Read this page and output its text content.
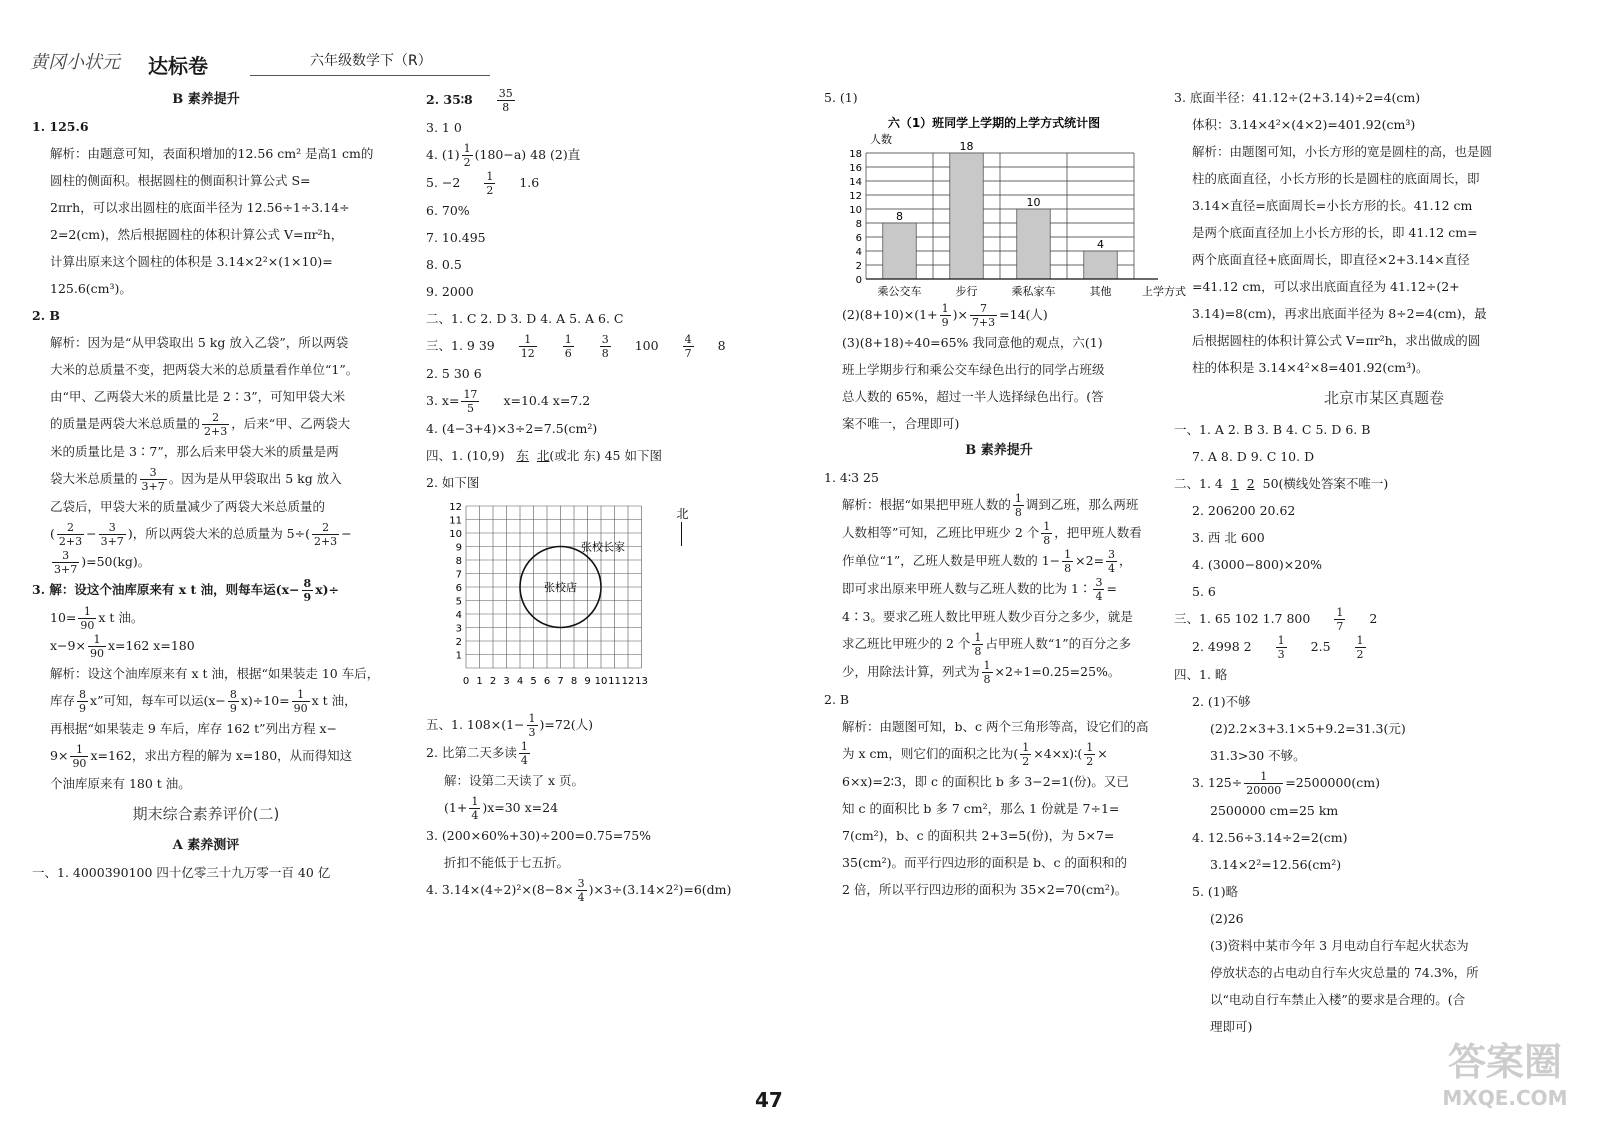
黄冈小状元 达标卷	六年级数学下（R）
B 素养提升
1. 125.6
解析：由题意可知，表面积增加的12.56 cm² 是高1 cm的
圆柱的侧面积。根据圆柱的侧面积计算公式 S=
2πrh，可以求出圆柱的底面半径为 12.56÷1÷3.14÷
2=2(cm)，然后根据圆柱的体积计算公式 V=πr²h，
计算出原来这个圆柱的体积是 3.14×2²×(1×10)=
125.6(cm³)。
2. B
解析：因为是“从甲袋取出 5 kg 放入乙袋”，所以两袋
大米的总质量不变，把两袋大米的总质量看作单位“1”。
由“甲、乙两袋大米的质量比是 2∶3”，可知甲袋大米
的质量是两袋大米总质量的 $\frac{2}{2+3}$ ，后来“甲、乙两袋大
米的质量比是 3∶7”，那么后来甲袋大米的质量是两
袋大米总质量的 $\frac{3}{3+7}$ 。因为是从甲袋取出 5 kg 放入
乙袋后，甲袋大米的质量减少了两袋大米总质量的
( $\frac{2}{2+3} - \frac{3}{3+7}$ )，所以两袋大米的总质量为 $5\div( \frac{2}{2+3}$ −
$\frac{3}{3+7} )=50(kg)$。
3. 解：设这个油库原来有 x t 油，则每车运$(x- \frac{8}{9} x)\div$
$10= \frac{1}{90}$ x t 油。
$x-9\times \frac{1}{90} x=162$ x=180
解析：设这个油库原来有 x t 油，根据“如果装走 10 车后，
库存 $\frac{8}{9} x$”可知，每车可以运$(x- \frac{8}{9} x)\div 10= \frac{1}{90}$ x t 油，
再根据“如果装走 9 车后，库存 162 t”列出方程 x−
$9\times \frac{1}{90} x=162$，求出方程的解为 x=180，从而得知这
个油库原来有 180 t 油。
期末综合素养评价(二)
A 素养测评
一、1. 4000390100 四十亿零三十九万零一百 40 亿
2. 35∶8 $\frac{35}{8}$
3. 1 0
4. $(1) \frac{1}{2} (180-a)$ 48 (2)直
5. $-2 \frac{1}{2} 1.6$
6. 70%
7. 10.495
8. 0.5
9. 2000
二、1. C 2. D 3. D 4. A 5. A 6. C
三、1. 9 $39 \frac{1}{12} \frac{1}{6} \frac{3}{8} 100 \frac{4}{7} 8$
2. 5 30 6
3. $x= \frac{17}{5} x=10.4$ x=7.2
4. (4−3+4)×3÷2=7.5(cm²)
四、1. (10,9) 东 北(或北 东) 45 如下图
2. 如下图
0 1 2 3 4 5 6 7 8 9 10 11 12 13
1
2
3
4
5
6
7
8
9
10
11
12
张校长家
张校店
北
五、1. $108\times(1- \frac{1}{3} )=72$(人)
2. 比第二天多读 $\frac{1}{4}$
解：设第二天读了 x 页。
$(1+ \frac{1}{4} )x=30$ x=24
3. (200×60%+30)÷200=0.75=75%
折扣不能低于七五折。
4. $3.14\times(4\div 2)^2\times(8-8\times \frac{3}{4} )\times 3\div(3.14\times 2^2)=6(dm)$
5. (1)
六（1）班同学上学期的上学方式统计图
人数
0
2
4
6
8
10
12
14
16
18
8
乘公交车
18
步行
10
乘私家车
4
其他	上学方式
$(2)(8+10)\times(1+ \frac{1}{9}$ )× $\frac{7}{7+3} =14$(人)
(3)(8+18)÷40=65% 我同意他的观点，六(1)
班上学期步行和乘公交车绿色出行的同学占班级
总人数的 65%，超过一半人选择绿色出行。(答
案不唯一，合理即可)
B 素养提升
1. 4∶3 25
解析：根据“如果把甲班人数的 $\frac{1}{8}$ 调到乙班，那么两班
人数相等”可知，乙班比甲班少 2 个 $\frac{1}{8}$ ，把甲班人数看
作单位“1”，乙班人数是甲班人数的 $1- \frac{1}{8} \times 2= \frac{3}{4}$ ，
即可求出原来甲班人数与乙班人数的比为 1∶ $\frac{3}{4}$ =
4∶3。要求乙班人数比甲班人数少百分之多少，就是
求乙班比甲班少的 2 个 $\frac{1}{8}$ 占甲班人数“1”的百分之多
少，用除法计算，列式为 $\frac{1}{8} \times 2\div 1=0.25=25\%$。
2. B
解析：由题图可知，b、c 两个三角形等高，设它们的高
为 x cm，则它们的面积之比为( $\frac{1}{2}$ ×4×x)∶( $\frac{1}{2}$ ×
6×x)=2∶3，即 c 的面积比 b 多 3−2=1(份)。又已
知 c 的面积比 b 多 7 cm²，那么 1 份就是 7÷1=
7(cm²)，b、c 的面积共 2+3=5(份)，为 5×7=
35(cm²)。而平行四边形的面积是 b、c 的面积和的
2 倍，所以平行四边形的面积为 35×2=70(cm²)。
3. 底面半径：41.12÷(2+3.14)÷2=4(cm)
体积：3.14×4²×(4×2)=401.92(cm³)
解析：由题图可知，小长方形的宽是圆柱的高，也是圆
柱的底面直径，小长方形的长是圆柱的底面周长，即
3.14×直径=底面周长=小长方形的长。41.12 cm
是两个底面直径加上小长方形的长，即 41.12 cm=
两个底面直径+底面周长，即直径×2+3.14×直径
=41.12 cm，可以求出底面直径为 41.12÷(2+
3.14)=8(cm)，再求出底面半径为 8÷2=4(cm)，最
后根据圆柱的体积计算公式 V=πr²h，求出做成的圆
柱的体积是 3.14×4²×8=401.92(cm³)。
北京市某区真题卷
一、1. A 2. B 3. B 4. C 5. D 6. B
7. A 8. D 9. C 10. D
二、1. 4 1 2 50(横线处答案不唯一)
2. 206200 20.62
3. 西 北 600
4. (3000−800)×20%
5. 6
三、1. 65 102 1.7 $800 \frac{1}{7} 2$
2. 4998 $2 \frac{1}{3} 2.5 \frac{1}{2}$
四、1. 略
2. (1)不够
(2)2.2×3+3.1×5+9.2=31.3(元)
31.3>30 不够。
3. $125\div \frac{1}{20000} =2500000(cm)$
2500000 cm=25 km
4. 12.56÷3.14÷2=2(cm)
3.14×2²=12.56(cm²)
5. (1)略
(2)26
(3)资料中某市今年 3 月电动自行车起火状态为
停放状态的占电动自行车火灾总量的 74.3%，所
以“电动自行车禁止入楼”的要求是合理的。(合
理即可)
47
答案圈
MXQE.COM
